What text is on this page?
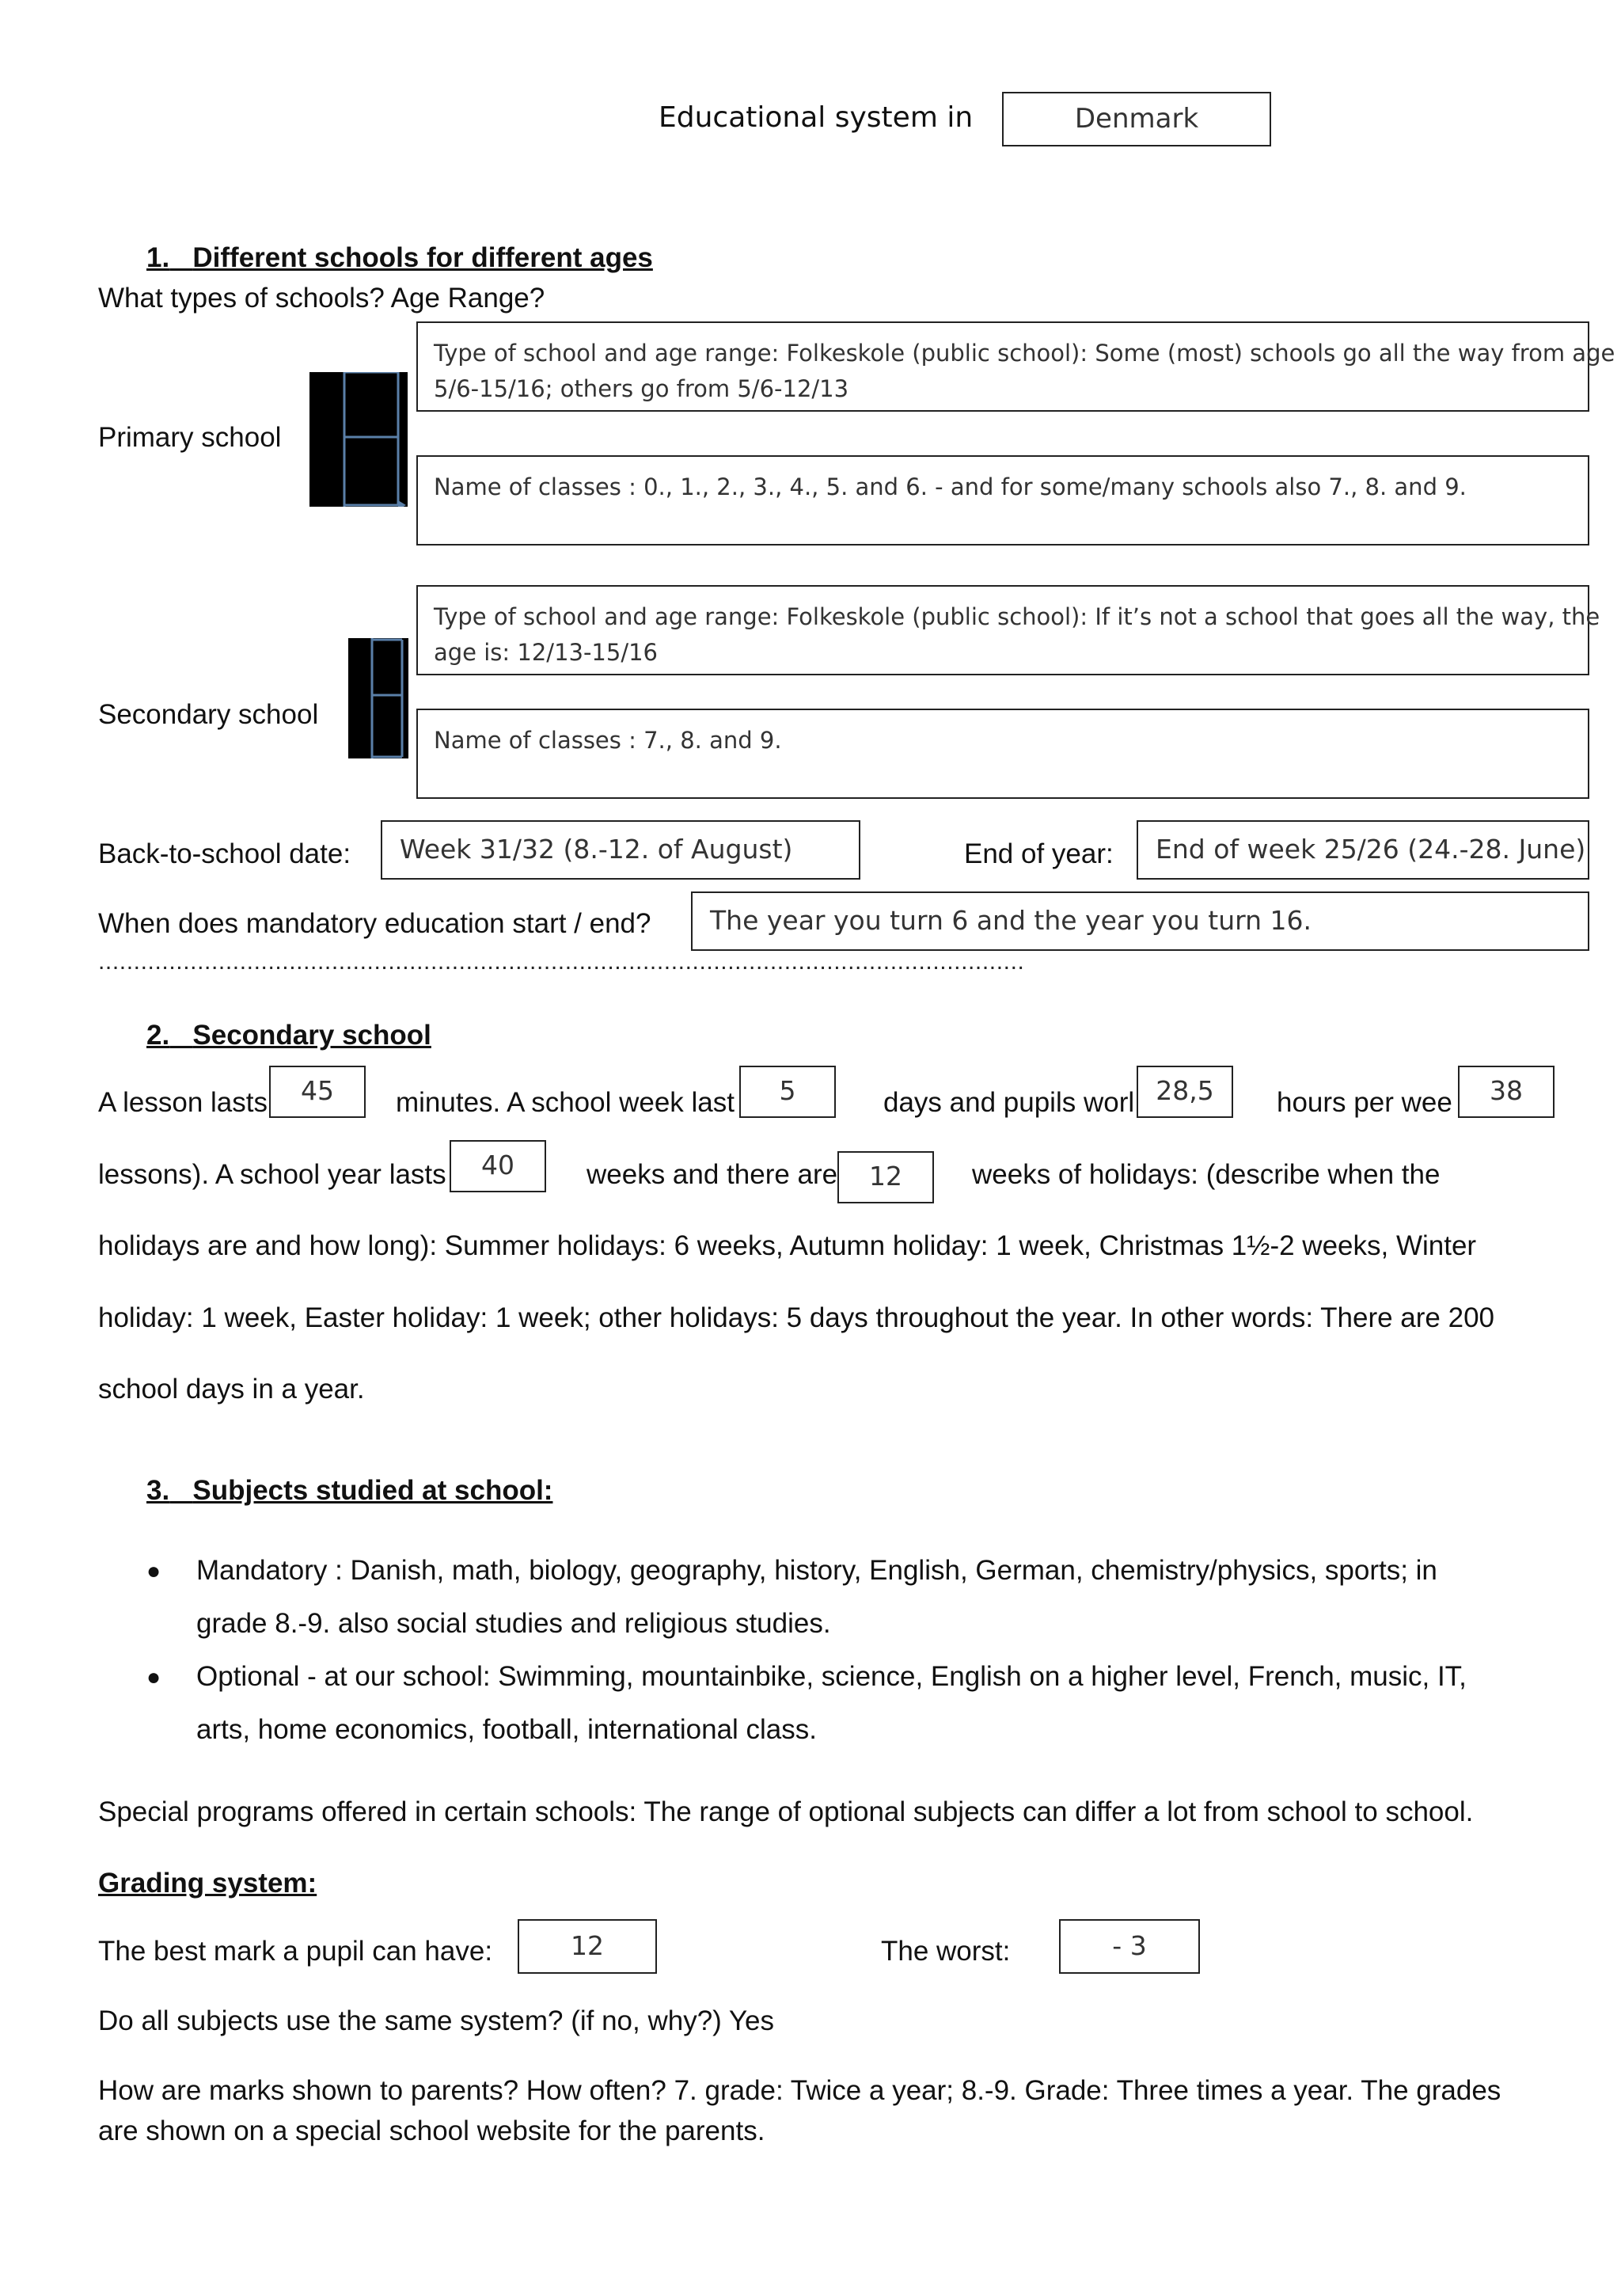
Educational system in	Denmark
1. Different schools for different ages
What types of schools? Age Range?
Primary school
Type of school and age range: Folkeskole (public school): Some (most) schools go all the way from age
5/6-15/16; others go from 5/6-12/13
Name of classes : 0., 1., 2., 3., 4., 5. and 6. - and for some/many schools also 7., 8. and 9.
Secondary school
Type of school and age range: Folkeskole (public school): If it’s not a school that goes all the way, the
age is: 12/13-15/16
Name of classes : 7., 8. and 9.
Back-to-school date:	Week 31/32 (8.-12. of August)	End of year:	End of week 25/26 (24.-28. June)
When does mandatory education start / end?	The year you turn 6 and the year you turn 16.
...................................................................................................................................
2. Secondary school
A lesson lasts	45	minutes. A school week last	5	days and pupils worl 28,5	hours per wee	38
lessons). A school year lasts	40	weeks and there are	12	weeks of holidays: (describe when the
holidays are and how long): Summer holidays: 6 weeks, Autumn holiday: 1 week, Christmas 1½-2 weeks, Winter
holiday: 1 week, Easter holiday: 1 week; other holidays: 5 days throughout the year. In other words: There are 200
school days in a year.
3. Subjects studied at school:
● Mandatory : Danish, math, biology, geography, history, English, German, chemistry/physics, sports; in
grade 8.-9. also social studies and religious studies.
● Optional - at our school: Swimming, mountainbike, science, English on a higher level, French, music, IT,
arts, home economics, football, international class.
Special programs offered in certain schools: The range of optional subjects can differ a lot from school to school.
Grading system:
The best mark a pupil can have:	12	The worst:	- 3
Do all subjects use the same system? (if no, why?) Yes
How are marks shown to parents? How often? 7. grade: Twice a year; 8.-9. Grade: Three times a year. The grades
are shown on a special school website for the parents.
